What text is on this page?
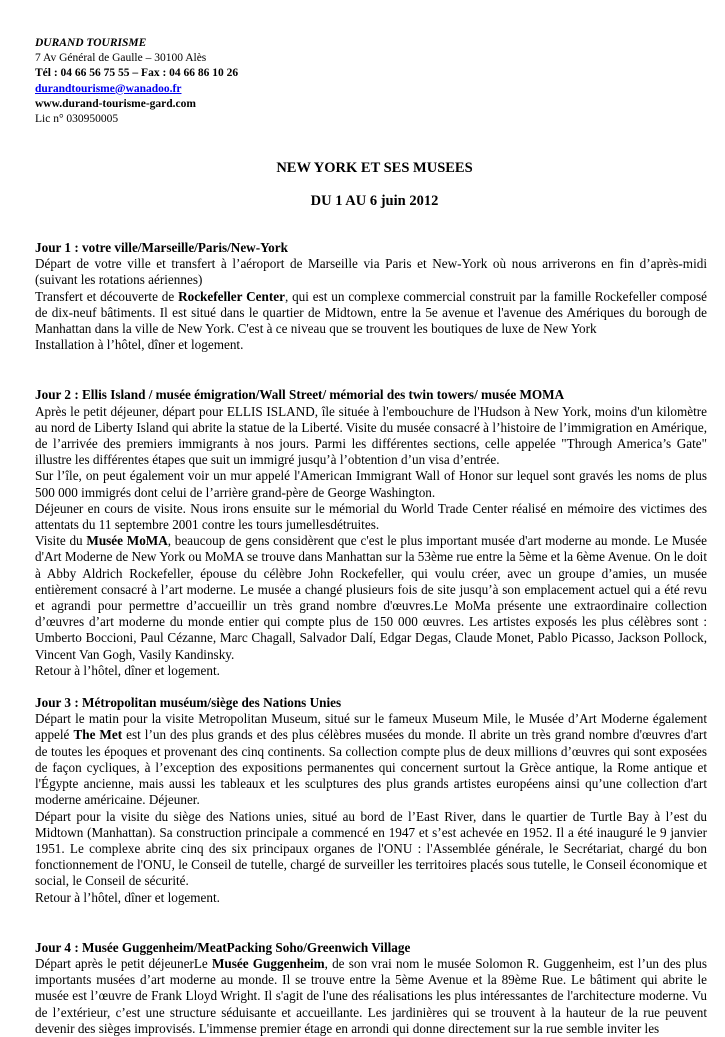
DURAND TOURISME
7 Av Général de Gaulle – 30100 Alès
Tél : 04 66 56 75 55 – Fax : 04 66 86 10 26
durandtourisme@wanadoo.fr
www.durand-tourisme-gard.com
Lic n° 030950005
NEW YORK ET SES MUSEES
DU 1 AU 6 juin 2012
Jour 1 : votre ville/Marseille/Paris/New-York
Départ de votre ville et transfert à l’aéroport de Marseille via Paris et New-York où nous arriverons en fin d’après-midi (suivant les rotations aériennes)
Transfert et découverte de Rockefeller Center, qui est un complexe commercial construit par la famille Rockefeller composé de dix-neuf bâtiments. Il est situé dans le quartier de Midtown, entre la 5e avenue et l'avenue des Amériques du borough de Manhattan dans la ville de New York. C'est à ce niveau que se trouvent les boutiques de luxe de New York
Installation à l’hôtel, dîner et logement.
Jour 2 : Ellis Island / musée émigration/Wall Street/ mémorial des twin towers/ musée MOMA
Après le petit déjeuner, départ pour ELLIS ISLAND, île située à l'embouchure de l'Hudson à New York, moins d'un kilomètre au nord de Liberty Island qui abrite la statue de la Liberté. Visite du musée consacré à l’histoire de l’immigration en Amérique, de l’arrivée des premiers immigrants à nos jours. Parmi les différentes sections, celle appelée "Through America’s Gate" illustre les différentes étapes que suit un immigré jusqu’à l’obtention d’un visa d’entrée.
Sur l’île, on peut également voir un mur appelé l'American Immigrant Wall of Honor sur lequel sont gravés les noms de plus 500 000 immigrés dont celui de l’arrière grand-père de George Washington.
Déjeuner en cours de visite. Nous irons ensuite sur le mémorial du World Trade Center réalisé en mémoire des victimes des attentats du 11 septembre 2001 contre les tours jumellesdétruites.
Visite du Musée MoMA, beaucoup de gens considèrent que c'est le plus important musée d'art moderne au monde. Le Musée d'Art Moderne de New York ou MoMA se trouve dans Manhattan sur la 53ème rue entre la 5ème et la 6ème Avenue. On le doit à Abby Aldrich Rockefeller, épouse du célèbre John Rockefeller, qui voulu créer, avec un groupe d’amies, un musée entièrement consacré à l’art moderne. Le musée a changé plusieurs fois de site jusqu’à son emplacement actuel qui a été revu et agrandi pour permettre d’accueillir un très grand nombre d'œuvres.Le MoMa présente une extraordinaire collection d’œuvres d’art moderne du monde entier qui compte plus de 150 000 œuvres. Les artistes exposés les plus célèbres sont : Umberto Boccioni, Paul Cézanne, Marc Chagall, Salvador Dalí, Edgar Degas, Claude Monet, Pablo Picasso, Jackson Pollock, Vincent Van Gogh, Vasily Kandinsky.
Retour à l’hôtel, dîner et logement.
Jour 3 : Métropolitan muséum/siège des Nations Unies
Départ le matin pour la visite Metropolitan Museum, situé sur le fameux Museum Mile, le Musée d’Art Moderne également appelé The Met est l’un des plus grands et des plus célèbres musées du monde. Il abrite un très grand nombre d'œuvres d'art de toutes les époques et provenant des cinq continents. Sa collection compte plus de deux millions d’œuvres qui sont exposées de façon cycliques, à l’exception des expositions permanentes qui concernent surtout la Grèce antique, la Rome antique et l'Égypte ancienne, mais aussi les tableaux et les sculptures des plus grands artistes européens ainsi qu’une collection d'art moderne américaine. Déjeuner.
Départ pour la visite du siège des Nations unies, situé au bord de l’East River, dans le quartier de Turtle Bay à l’est du Midtown (Manhattan). Sa construction principale a commencé en 1947 et s’est achevée en 1952. Il a été inauguré le 9 janvier 1951. Le complexe abrite cinq des six principaux organes de l'ONU : l'Assemblée générale, le Secrétariat, chargé du bon fonctionnement de l'ONU, le Conseil de tutelle, chargé de surveiller les territoires placés sous tutelle, le Conseil économique et social, le Conseil de sécurité.
Retour à l’hôtel, dîner et logement.
Jour 4 : Musée Guggenheim/MeatPacking Soho/Greenwich Village
Départ après le petit déjeunerLe Musée Guggenheim, de son vrai nom le musée Solomon R. Guggenheim, est l’un des plus importants musées d’art moderne au monde. Il se trouve entre la 5ème Avenue et la 89ème Rue. Le bâtiment qui abrite le musée est l’œuvre de Frank Lloyd Wright. Il s'agit de l'une des réalisations les plus intéressantes de l'architecture moderne. Vu de l’extérieur, c’est une structure séduisante et accueillante. Les jardinières qui se trouvent à la hauteur de la rue peuvent devenir des sièges improvisés. L'immense premier étage en arrondi qui donne directement sur la rue semble inviter les
